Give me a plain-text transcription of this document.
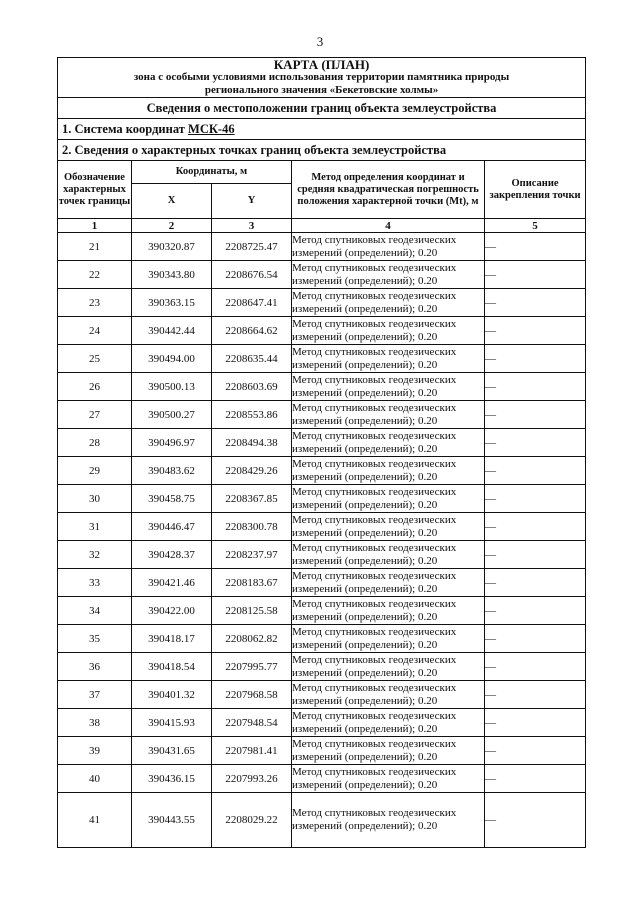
3
КАРТА (ПЛАН)
зона с особыми условиями использования территории памятника природы
регионального значения «Бекетовские холмы»				

Сведения о местоположении границ объекта землеустройства				
1. Система координат МСК-46				
2. Сведения о характерных точках границ объекта землеустройства				
Обозначение характерных точек границы	Координаты, м		Метод определения координат и средняя квадратическая погрешность положения характерной точки (Mt), м	Описание закрепления точки
	X	Y		
1	2	3	4	5
21	390320.87	2208725.47	Метод спутниковых геодезических измерений (определений); 0.20	—
22	390343.80	2208676.54	Метод спутниковых геодезических измерений (определений); 0.20	—
23	390363.15	2208647.41	Метод спутниковых геодезических измерений (определений); 0.20	—
24	390442.44	2208664.62	Метод спутниковых геодезических измерений (определений); 0.20	—
25	390494.00	2208635.44	Метод спутниковых геодезических измерений (определений); 0.20	—
26	390500.13	2208603.69	Метод спутниковых геодезических измерений (определений); 0.20	—
27	390500.27	2208553.86	Метод спутниковых геодезических измерений (определений); 0.20	—
28	390496.97	2208494.38	Метод спутниковых геодезических измерений (определений); 0.20	—
29	390483.62	2208429.26	Метод спутниковых геодезических измерений (определений); 0.20	—
30	390458.75	2208367.85	Метод спутниковых геодезических измерений (определений); 0.20	—
31	390446.47	2208300.78	Метод спутниковых геодезических измерений (определений); 0.20	—
32	390428.37	2208237.97	Метод спутниковых геодезических измерений (определений); 0.20	—
33	390421.46	2208183.67	Метод спутниковых геодезических измерений (определений); 0.20	—
34	390422.00	2208125.58	Метод спутниковых геодезических измерений (определений); 0.20	—
35	390418.17	2208062.82	Метод спутниковых геодезических измерений (определений); 0.20	—
36	390418.54	2207995.77	Метод спутниковых геодезических измерений (определений); 0.20	—
37	390401.32	2207968.58	Метод спутниковых геодезических измерений (определений); 0.20	—
38	390415.93	2207948.54	Метод спутниковых геодезических измерений (определений); 0.20	—
39	390431.65	2207981.41	Метод спутниковых геодезических измерений (определений); 0.20	—
40	390436.15	2207993.26	Метод спутниковых геодезических измерений (определений); 0.20	—
41	390443.55	2208029.22	Метод спутниковых геодезических измерений (определений); 0.20	—
